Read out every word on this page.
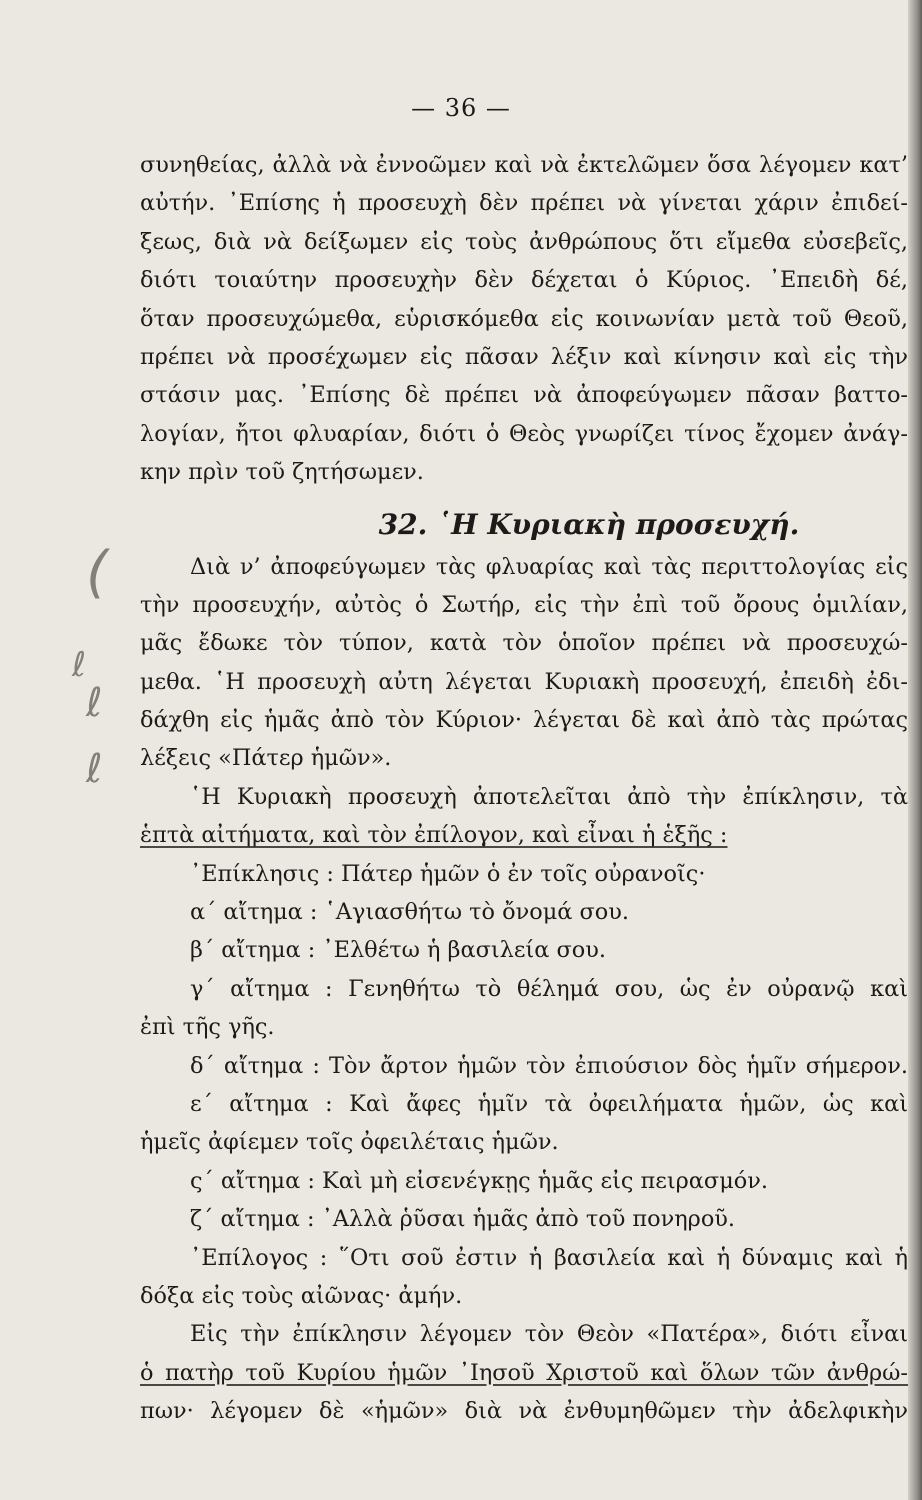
— 36 —
(
ℓ
ℓ
ℓ
συνηθείας, ἀλλὰ νὰ ἐννοῶμεν καὶ νὰ ἐκτελῶμεν ὅσα λέγομεν κατ’
αὐτήν. ᾿Επίσης ἡ προσευχὴ δὲν πρέπει νὰ γίνεται χάριν ἐπιδεί-
ξεως, διὰ νὰ δείξωμεν εἰς τοὺς ἀνθρώπους ὅτι εἴμεθα εὐσεβεῖς,
διότι τοιαύτην προσευχὴν δὲν δέχεται ὁ Κύριος. ᾿Επειδὴ δέ,
ὅταν προσευχώμεθα, εὑρισκόμεθα εἰς κοινωνίαν μετὰ τοῦ Θεοῦ,
πρέπει νὰ προσέχωμεν εἰς πᾶσαν λέξιν καὶ κίνησιν καὶ εἰς τὴν
στάσιν μας. ᾿Επίσης δὲ πρέπει νὰ ἀποφεύγωμεν πᾶσαν βαττο-
λογίαν, ἤτοι φλυαρίαν, διότι ὁ Θεὸς γνωρίζει τίνος ἔχομεν ἀνάγ-
κην πρὶν τοῦ ζητήσωμεν.
32. ῾Η Κυριακὴ προσευχή.
Διὰ ν’ ἀποφεύγωμεν τὰς φλυαρίας καὶ τὰς περιττολογίας εἰς
τὴν προσευχήν, αὐτὸς ὁ Σωτήρ, εἰς τὴν ἐπὶ τοῦ ὄρους ὁμιλίαν,
μᾶς ἔδωκε τὸν τύπον, κατὰ τὸν ὁποῖον πρέπει νὰ προσευχώ-
μεθα. ῾Η προσευχὴ αὐτη λέγεται Κυριακὴ προσευχή, ἐπειδὴ ἐδι-
δάχθη εἰς ἡμᾶς ἀπὸ τὸν Κύριον· λέγεται δὲ καὶ ἀπὸ τὰς πρώτας
λέξεις «Πάτερ ἡμῶν».
῾Η Κυριακὴ προσευχὴ ἀποτελεῖται ἀπὸ τὴν ἐπίκλησιν, τὰ
ἑπτὰ αἰτήματα, καὶ τὸν ἐπίλογον, καὶ εἶναι ἡ ἑξῆς :
᾿Επίκλησις : Πάτερ ἡμῶν ὁ ἐν τοῖς οὐρανοῖς·
α΄ αἴτημα : ῾Αγιασθήτω τὸ ὄνομά σου.
β΄ αἴτημα : ᾿Ελθέτω ἡ βασιλεία σου.
γ΄ αἴτημα : Γενηθήτω τὸ θέλημά σου, ὡς ἐν οὐρανῷ καὶ
ἐπὶ τῆς γῆς.
δ΄ αἴτημα : Τὸν ἄρτον ἡμῶν τὸν ἐπιούσιον δὸς ἡμῖν σήμερον.
ε΄ αἴτημα : Καὶ ἄφες ἡμῖν τὰ ὀφειλήματα ἡμῶν, ὡς καὶ
ἡμεῖς ἀφίεμεν τοῖς ὀφειλέταις ἡμῶν.
ς΄ αἴτημα : Καὶ μὴ εἰσενέγκῃς ἡμᾶς εἰς πειρασμόν.
ζ΄ αἴτημα : ᾿Αλλὰ ῥῦσαι ἡμᾶς ἀπὸ τοῦ πονηροῦ.
᾿Επίλογος : ῞Οτι σοῦ ἐστιν ἡ βασιλεία καὶ ἡ δύναμις καὶ ἡ
δόξα εἰς τοὺς αἰῶνας· ἀμήν.
Εἰς τὴν ἐπίκλησιν λέγομεν τὸν Θεὸν «Πατέρα», διότι εἶναι
ὁ πατὴρ τοῦ Κυρίου ἡμῶν ᾿Ιησοῦ Χριστοῦ καὶ ὅλων τῶν ἀνθρώ-
πων· λέγομεν δὲ «ἡμῶν» διὰ νὰ ἐνθυμηθῶμεν τὴν ἀδελφικὴν
